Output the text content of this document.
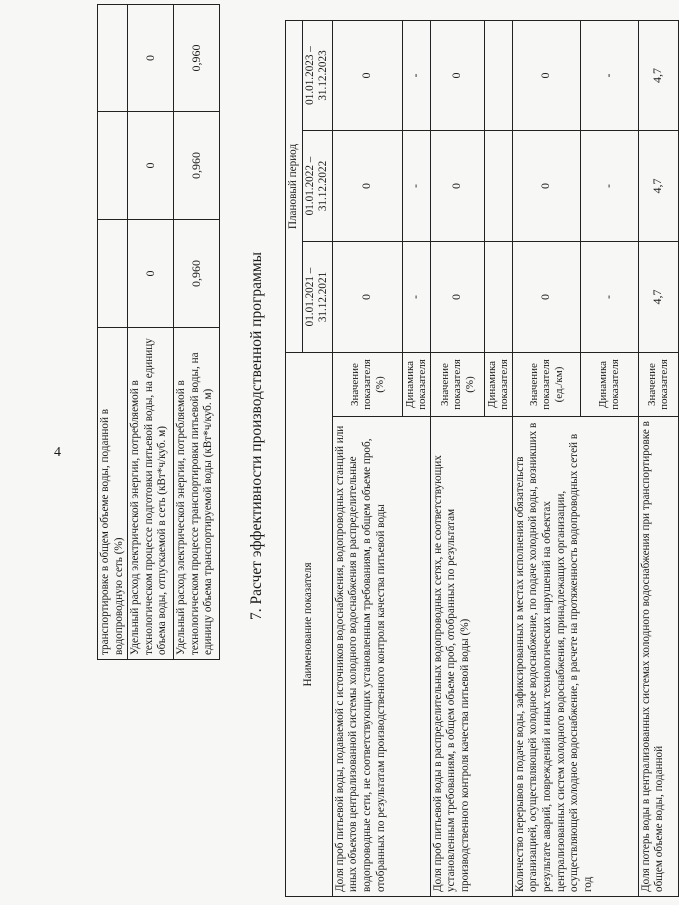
4	транспортировке в общем объеме воды, поданной в водопроводную сеть (%)			
Удельный расход электрической энергии, потребляемой в технологическом процессе подготовки питьевой воды, на единицу объема воды, отпускаемой в сеть (кВт*ч/куб. м)	0	0	0
Удельный расход электрической энергии, потребляемой в технологическом процессе транспортировки питьевой воды, на единицу объема транспортируемой воды (кВт*ч/куб. м)	0,960	0,960	0,960
7. Расчет эффективности производственной программы
Наименование показателя		Плановый период		
		01.01.2021 – 31.12.2021	01.01.2022 – 31.12.2022	01.01.2023 – 31.12.2023
Доля проб питьевой воды, подаваемой с источников водоснабжения, водопроводных станций или иных объектов централизованной системы холодного водоснабжения в распределительные водопроводные сети, не соответствующих установленным требованиям, в общем объеме проб, отобранных по результатам производственного контроля качества питьевой воды	Значение показателя (%)	0	0	0
	Динамика показателя	-	-	-
Доля проб питьевой воды в распределительных водопроводных сетях, не соответствующих установленным требованиям, в общем объеме проб, отобранных по результатам производственного контроля качества питьевой воды (%)	Значение показателя (%)	0	0	0
	Динамика показателя			
Количество перерывов в подаче воды, зафиксированных в местах исполнения обязательств организацией, осуществляющей холодное водоснабжение, по подаче холодной воды, возникших в результате аварий, повреждений и иных технологических нарушений на объектах централизованных систем холодного водоснабжения, принадлежащих организации, осуществляющей холодное водоснабжение, в расчете на протяженность водопроводных сетей в год	Значение показателя (ед./км)	0	0	0
	Динамика показателя	-	-	-
Доля потерь воды в централизованных системах холодного водоснабжения при транспортировке в общем объеме воды, поданной	Значение показателя	4,7	4,7	4,7
